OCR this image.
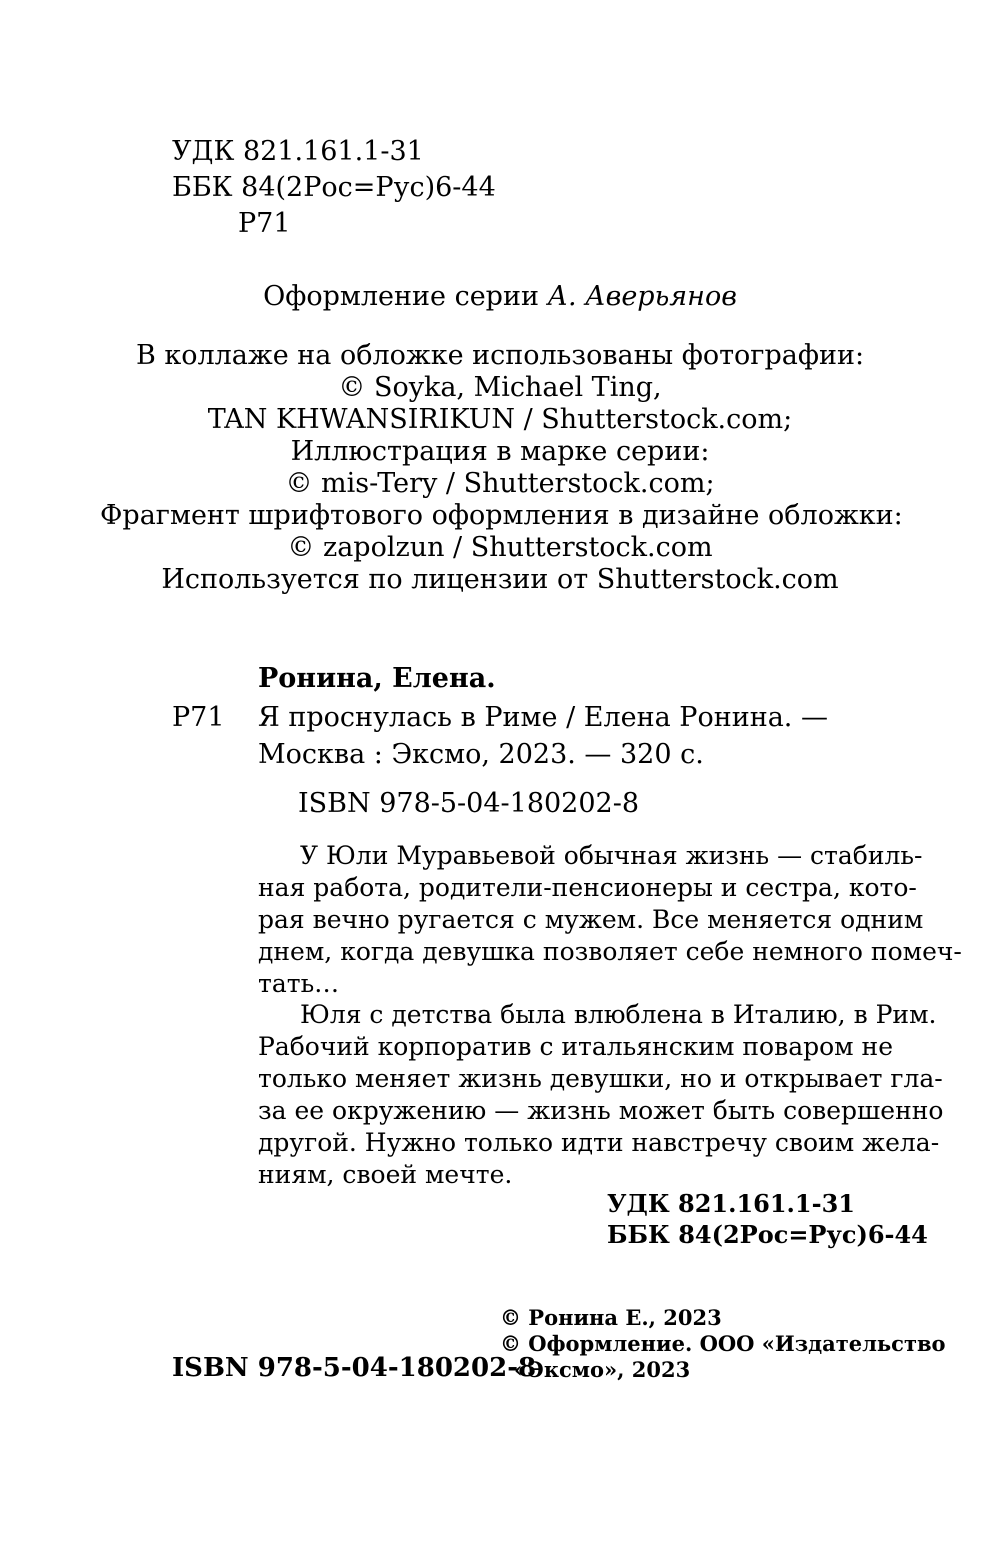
УДК 821.161.1-31
ББК 84(2Рос=Рус)6-44
Р71
Оформление серии А. Аверьянов
В коллаже на обложке использованы фотографии:
© Soyka, Michael Ting,
TAN KHWANSIRIKUN / Shutterstock.com;
Иллюстрация в марке серии:
© mis-Tery / Shutterstock.com;
Фрагмент шрифтового оформления в дизайне обложки:
© zapolzun / Shutterstock.com
Используется по лицензии от Shutterstock.com
Ронина, Елена.
Р71 Я проснулась в Риме / Елена Ронина. —
Москва : Эксмо, 2023. — 320 с.
ISBN 978-5-04-180202-8
У Юли Муравьевой обычная жизнь — стабиль-
ная работа, родители-пенсионеры и сестра, кото-
рая вечно ругается с мужем. Все меняется одним
днем, когда девушка позволяет себе немного помеч-
тать…
Юля с детства была влюблена в Италию, в Рим.
Рабочий корпоратив с итальянским поваром не
только меняет жизнь девушки, но и открывает гла-
за ее окружению — жизнь может быть совершенно
другой. Нужно только идти навстречу своим жела-
ниям, своей мечте.
УДК 821.161.1-31
ББК 84(2Рос=Рус)6-44
ISBN 978-5-04-180202-8
© Ронина Е., 2023
© Оформление. ООО «Издательство
«Эксмо», 2023
